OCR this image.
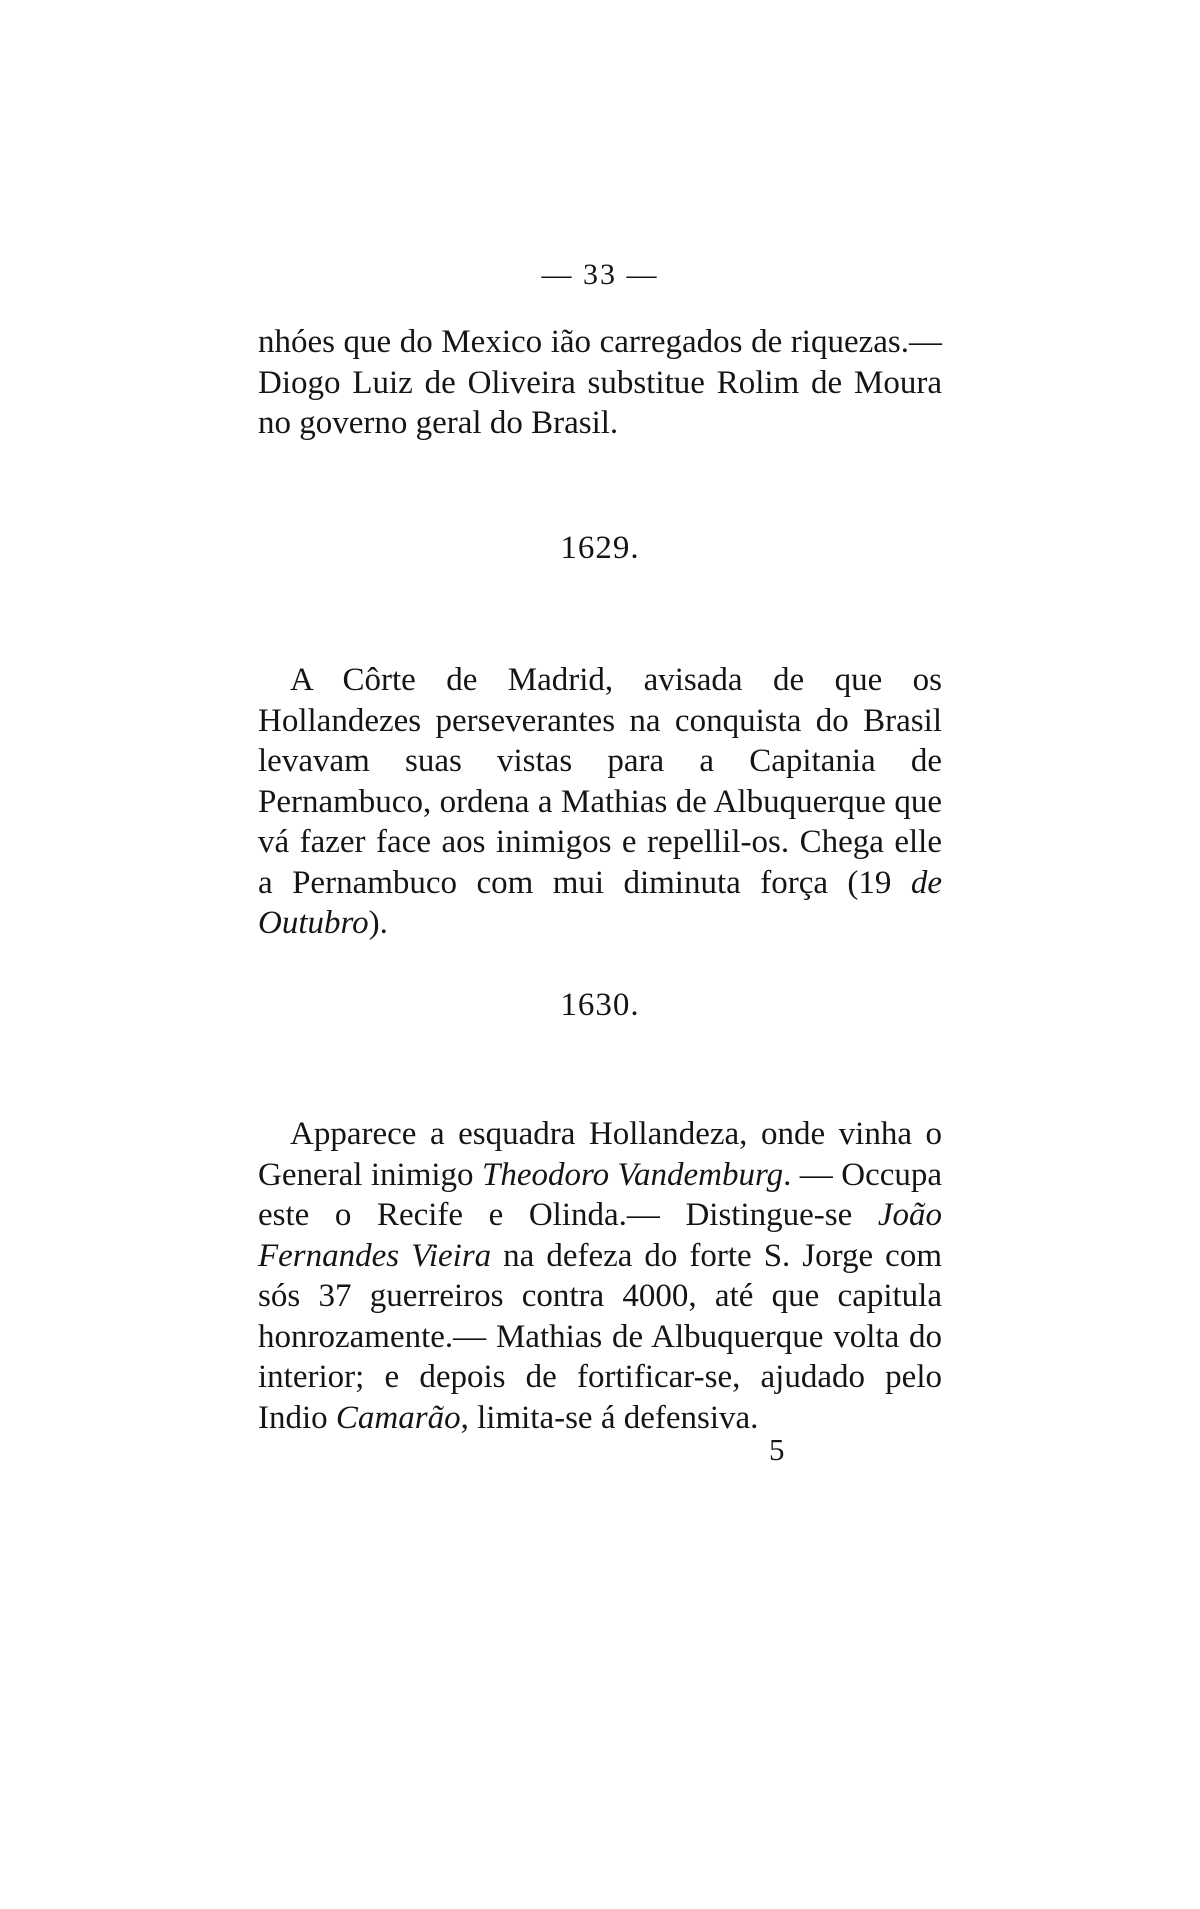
— 33 —

nhóes que do Mexico ião carregados de riquezas.— Diogo Luiz de Oliveira substitue Rolim de Moura no governo geral do Brasil.

1629.

A Côrte de Madrid, avisada de que os Hollandezes perseverantes na conquista do Brasil levavam suas vistas para a Capitania de Pernambuco, ordena a Mathias de Albuquerque que vá fazer face aos inimigos e repellil-os. Chega elle a Pernambuco com mui diminuta força (19 de Outubro).

1630.

Apparece a esquadra Hollandeza, onde vinha o General inimigo Theodoro Vandemburg. — Occupa este o Recife e Olinda.— Distingue-se João Fernandes Vieira na defeza do forte S. Jorge com sós 37 guerreiros contra 4000, até que capitula honrozamente.— Mathias de Albuquerque volta do interior; e depois de fortificar-se, ajudado pelo Indio Camarão, limita-se á defensiva.

5
